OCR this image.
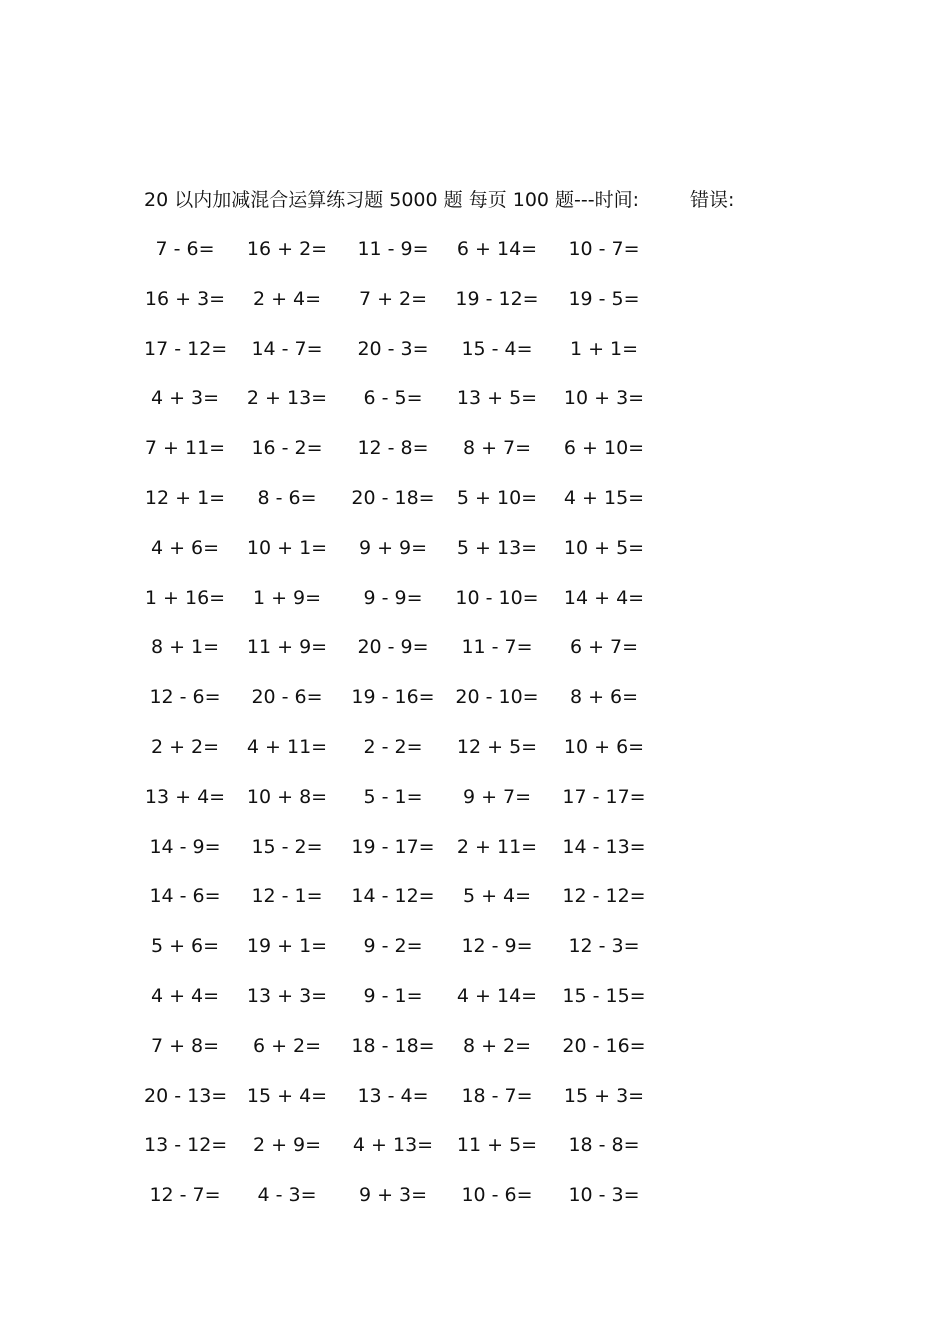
20 以内加减混合运算练习题 5000 题 每页 100 题---时间:	错误:
7 - 6=	16 + 2=	11 - 9=	6 + 14=	10 - 7=
16 + 3=	2 + 4=	7 + 2=	19 - 12=	19 - 5=
17 - 12= 14 - 7=	20 - 3=	15 - 4=	1 + 1=
4 + 3=	2 + 13=	6 - 5=	13 + 5=	10 + 3=
7 + 11= 16 - 2=	12 - 8=	8 + 7=	6 + 10=
12 + 1=	8 - 6=	20 - 18= 5 + 10=	4 + 15=
4 + 6=	10 + 1=	9 + 9=	5 + 13=	10 + 5=
1 + 16=	1 + 9=	9 - 9=	10 - 10=	14 + 4=
8 + 1=	11 + 9=	20 - 9=	11 - 7=	6 + 7=
12 - 6= 20 - 6= 19 - 16= 20 - 10=	8 + 6=
2 + 2=	4 + 11=	2 - 2=	12 + 5=	10 + 6=
13 + 4= 10 + 8=	5 - 1=	9 + 7=	17 - 17=
14 - 9= 15 - 2= 19 - 17= 2 + 11=	14 - 13=
14 - 6= 12 - 1= 14 - 12=	5 + 4=	12 - 12=
5 + 6=	19 + 1=	9 - 2=	12 - 9=	12 - 3=
4 + 4=	13 + 3=	9 - 1=	4 + 14=	15 - 15=
7 + 8=	6 + 2=	18 - 18=	8 + 2=	20 - 16=
20 - 13= 15 + 4=	13 - 4=	18 - 7=	15 + 3=
13 - 12=	2 + 9=	4 + 13= 11 + 5=	18 - 8=
12 - 7=	4 - 3=	9 + 3=	10 - 6=	10 - 3=
